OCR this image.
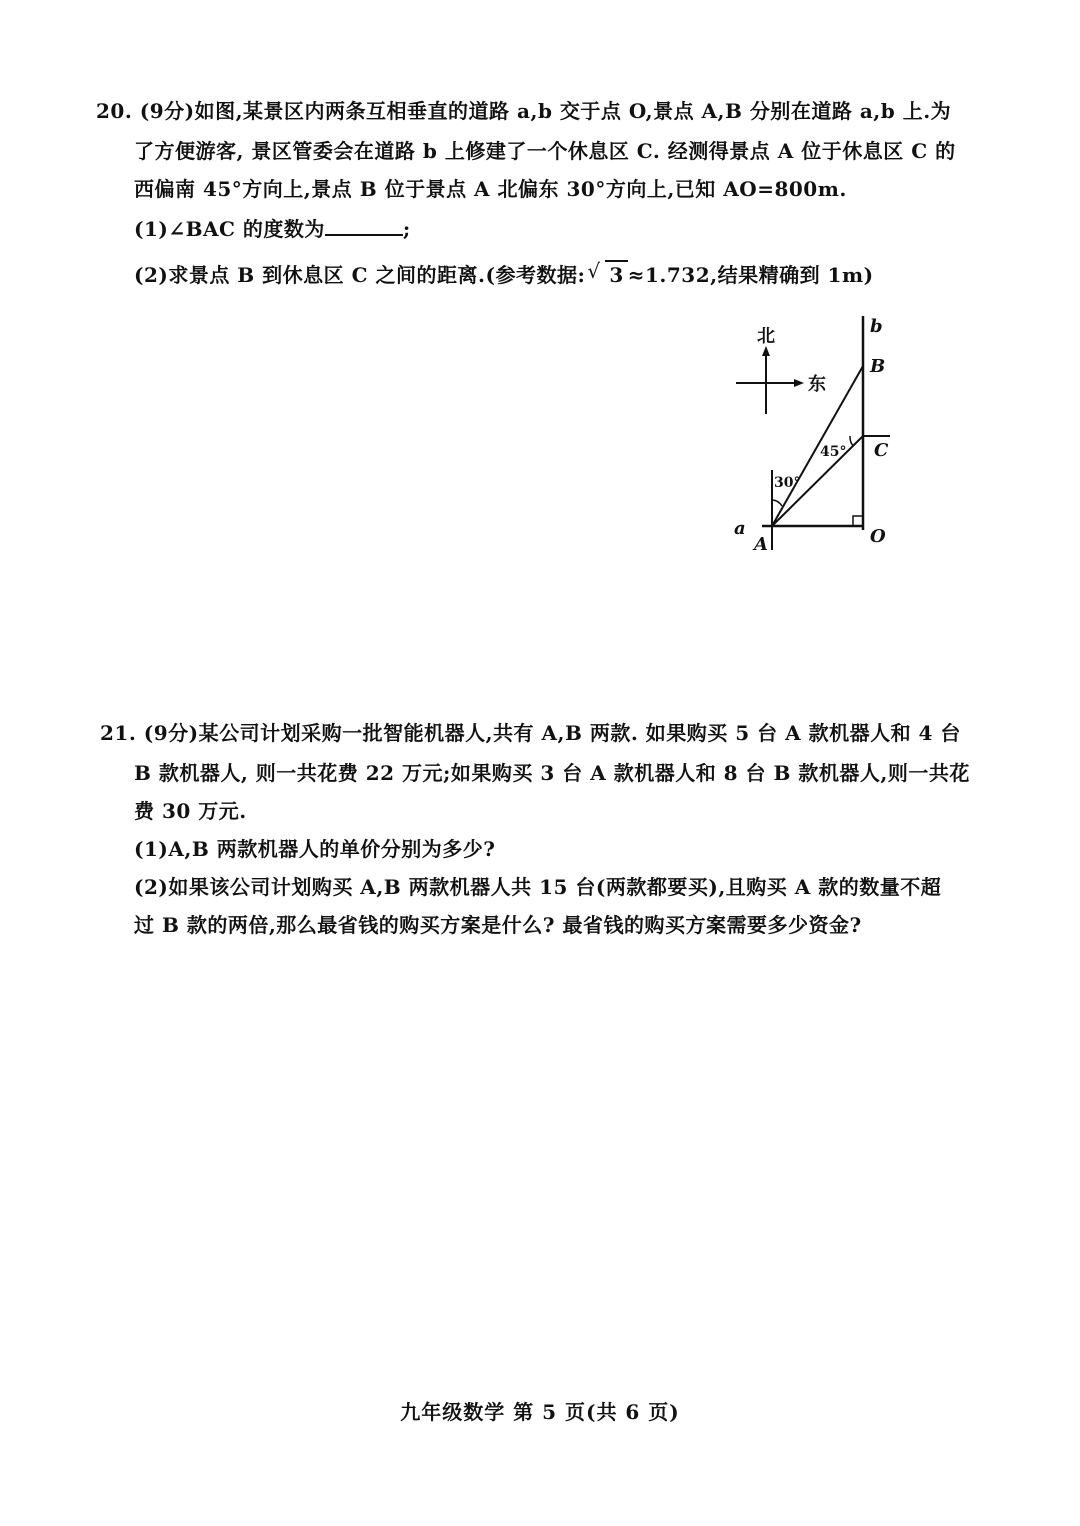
20. (9分)如图,某景区内两条互相垂直的道路 a,b 交于点 O,景点 A,B 分别在道路 a,b 上.为
了方便游客, 景区管委会在道路 b 上修建了一个休息区 C. 经测得景点 A 位于休息区 C 的
西偏南 45°方向上,景点 B 位于景点 A 北偏东 30°方向上,已知 AO=800m.
(1)∠BAC 的度数为	;
(2)求景点 B 到休息区 C 之间的距离.(参考数据: √ 3 ≈1.732,结果精确到 1m)
北
东
b
B
C
O
a
A
45°
30°
21. (9分)某公司计划采购一批智能机器人,共有 A,B 两款. 如果购买 5 台 A 款机器人和 4 台
B 款机器人, 则一共花费 22 万元;如果购买 3 台 A 款机器人和 8 台 B 款机器人,则一共花
费 30 万元.
(1)A,B 两款机器人的单价分别为多少?
(2)如果该公司计划购买 A,B 两款机器人共 15 台(两款都要买),且购买 A 款的数量不超
过 B 款的两倍,那么最省钱的购买方案是什么? 最省钱的购买方案需要多少资金?
九年级数学 第 5 页(共 6 页)
